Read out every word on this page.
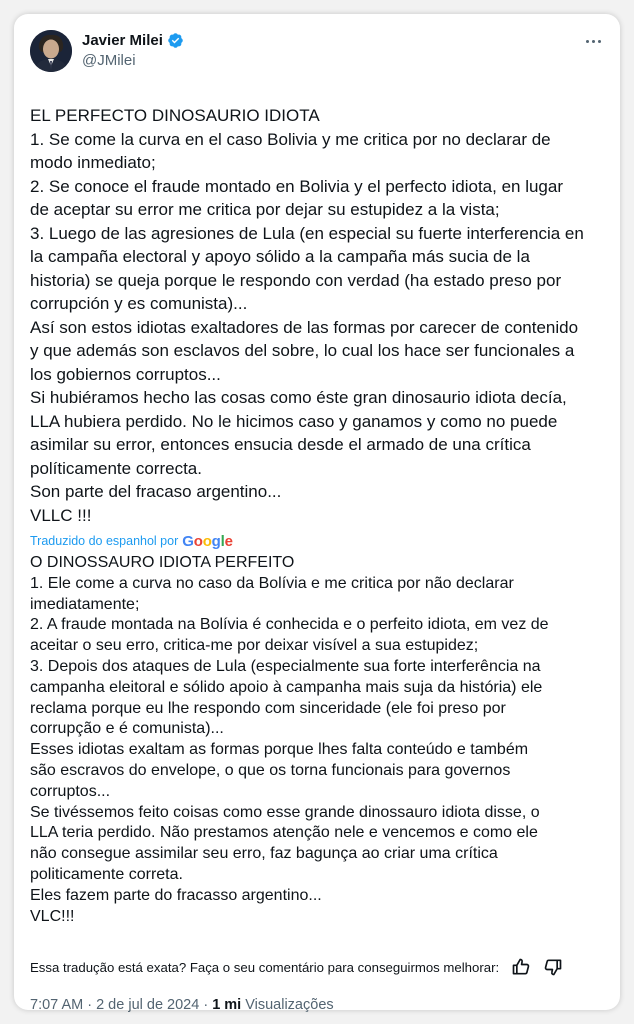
Javier Milei
@JMilei
EL PERFECTO DINOSAURIO IDIOTA
1. Se come la curva en el caso Bolivia y me critica por no declarar de
modo inmediato;
2. Se conoce el fraude montado en Bolivia y el perfecto idiota, en lugar
de aceptar su error me critica por dejar su estupidez a la vista;
3. Luego de las agresiones de Lula (en especial su fuerte interferencia en
la campaña electoral y apoyo sólido a la campaña más sucia de la
historia) se queja porque le respondo con verdad (ha estado preso por
corrupción y es comunista)...
Así son estos idiotas exaltadores de las formas por carecer de contenido
y que además son esclavos del sobre, lo cual los hace ser funcionales a
los gobiernos corruptos...
Si hubiéramos hecho las cosas como éste gran dinosaurio idiota decía,
LLA hubiera perdido. No le hicimos caso y ganamos y como no puede
asimilar su error, entonces ensucia desde el armado de una crítica
políticamente correcta.
Son parte del fracaso argentino...
VLLC !!!
Traduzido do espanhol por Google
O DINOSSAURO IDIOTA PERFEITO
1. Ele come a curva no caso da Bolívia e me critica por não declarar
imediatamente;
2. A fraude montada na Bolívia é conhecida e o perfeito idiota, em vez de
aceitar o seu erro, critica-me por deixar visível a sua estupidez;
3. Depois dos ataques de Lula (especialmente sua forte interferência na
campanha eleitoral e sólido apoio à campanha mais suja da história) ele
reclama porque eu lhe respondo com sinceridade (ele foi preso por
corrupção e é comunista)...
Esses idiotas exaltam as formas porque lhes falta conteúdo e também
são escravos do envelope, o que os torna funcionais para governos
corruptos...
Se tivéssemos feito coisas como esse grande dinossauro idiota disse, o
LLA teria perdido. Não prestamos atenção nele e vencemos e como ele
não consegue assimilar seu erro, faz bagunça ao criar uma crítica
politicamente correta.
Eles fazem parte do fracasso argentino...
VLC!!!
Essa tradução está exata? Faça o seu comentário para conseguirmos melhorar:
7:07 AM · 2 de jul de 2024 · 1 mi Visualizações
